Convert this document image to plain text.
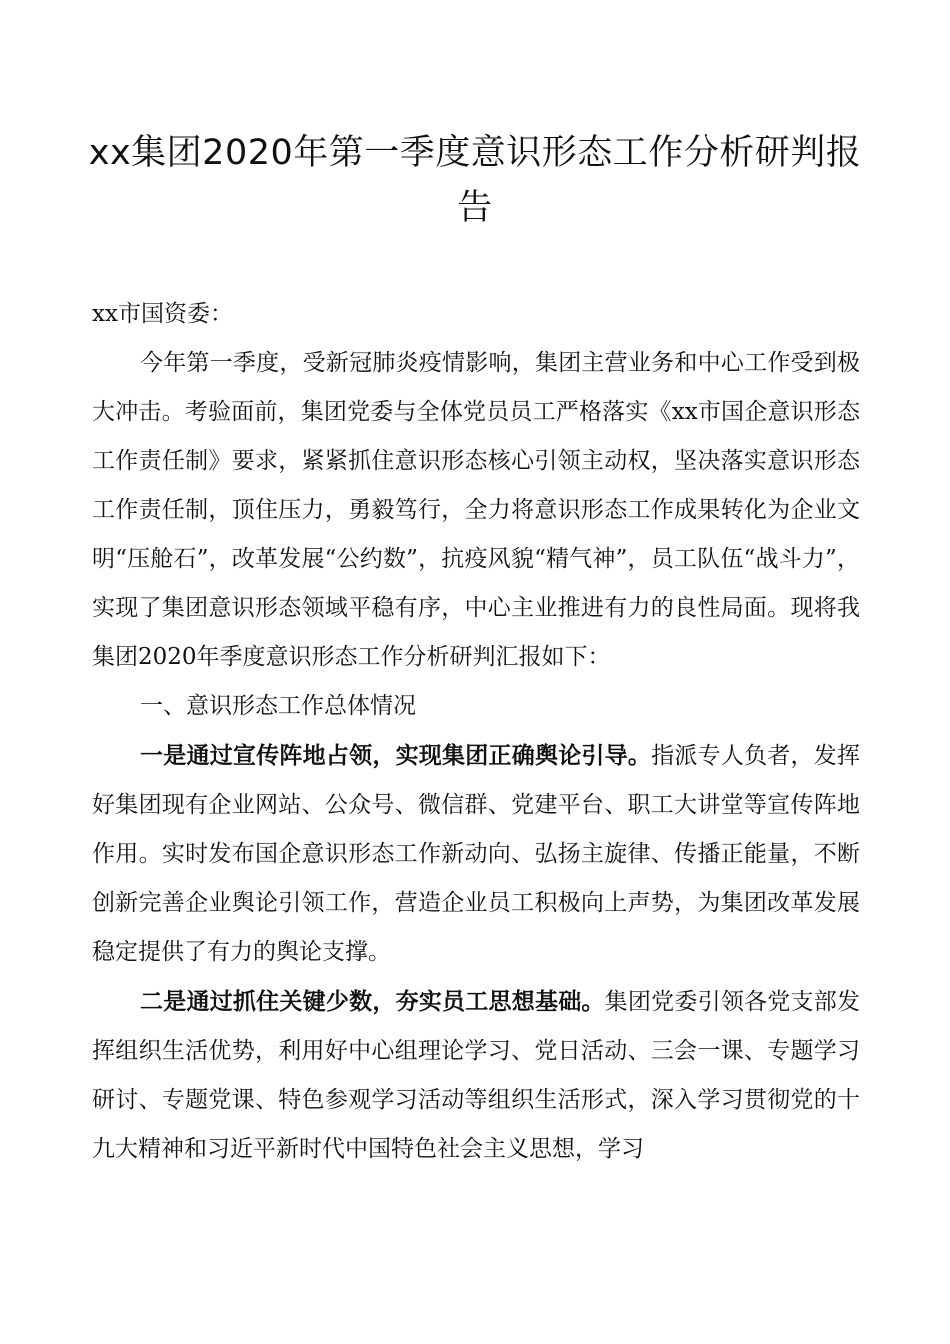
xx集团2020年第一季度意识形态工作分析研判报告

xx市国资委：

今年第一季度，受新冠肺炎疫情影响，集团主营业务和中心工作受到极大冲击。考验面前，集团党委与全体党员员工严格落实《xx市国企意识形态工作责任制》要求，紧紧抓住意识形态核心引领主动权，坚决落实意识形态工作责任制，顶住压力，勇毅笃行，全力将意识形态工作成果转化为企业文明“压舱石”，改革发展“公约数”，抗疫风貌“精气神”，员工队伍“战斗力”，实现了集团意识形态领域平稳有序，中心主业推进有力的良性局面。现将我集团2020年季度意识形态工作分析研判汇报如下：

一、意识形态工作总体情况

一是通过宣传阵地占领，实现集团正确舆论引导。指派专人负者，发挥好集团现有企业网站、公众号、微信群、党建平台、职工大讲堂等宣传阵地作用。实时发布国企意识形态工作新动向、弘扬主旋律、传播正能量，不断创新完善企业舆论引领工作，营造企业员工积极向上声势，为集团改革发展稳定提供了有力的舆论支撑。

二是通过抓住关键少数，夯实员工思想基础。集团党委引领各党支部发挥组织生活优势，利用好中心组理论学习、党日活动、三会一课、专题学习研讨、专题党课、特色参观学习活动等组织生活形式，深入学习贯彻党的十九大精神和习近平新时代中国特色社会主义思想，学习
